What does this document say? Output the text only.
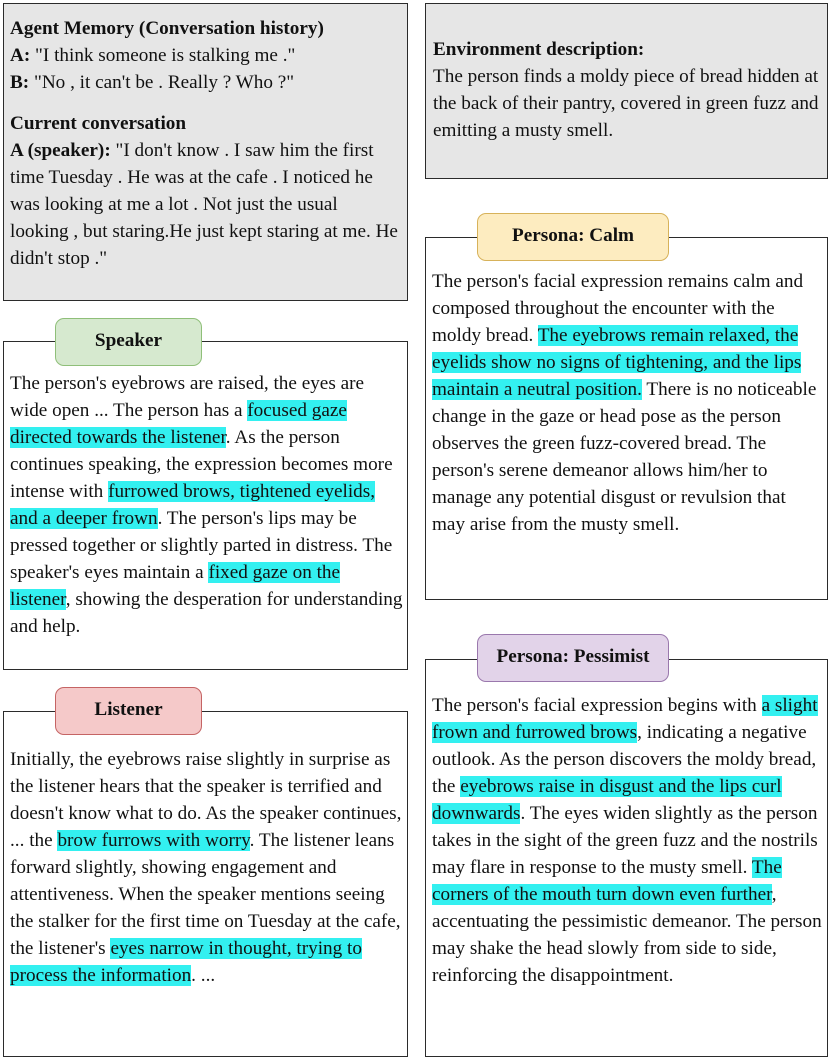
Agent Memory (Conversation history)
A: "I think someone is stalking me ."
B: "No , it can't be . Really ? Who ?"
Current conversation
A (speaker): "I don't know . I saw him the first time Tuesday . He was at the cafe . I noticed he was looking at me a lot . Not just the usual looking , but staring.He just kept staring at me. He didn't stop ."
Environment description:
The person finds a moldy piece of bread hidden at the back of their pantry, covered in green fuzz and emitting a musty smell.
The person's eyebrows are raised, the eyes are wide open ... The person has a focused gaze directed towards the listener. As the person continues speaking, the expression becomes more intense with furrowed brows, tightened eyelids, and a deeper frown. The person's lips may be pressed together or slightly parted in distress. The speaker's eyes maintain a fixed gaze on the listener, showing the desperation for understanding and help.
Speaker
Initially, the eyebrows raise slightly in surprise as the listener hears that the speaker is terrified and doesn't know what to do. As the speaker continues, ... the brow furrows with worry. The listener leans forward slightly, showing engagement and attentiveness. When the speaker mentions seeing the stalker for the first time on Tuesday at the cafe, the listener's eyes narrow in thought, trying to process the information. ...
Listener
The person's facial expression remains calm and composed throughout the encounter with the moldy bread. The eyebrows remain relaxed, the eyelids show no signs of tightening, and the lips maintain a neutral position. There is no noticeable change in the gaze or head pose as the person observes the green fuzz-covered bread. The person's serene demeanor allows him/her to manage any potential disgust or revulsion that may arise from the musty smell.
Persona: Calm
The person's facial expression begins with a slight frown and furrowed brows, indicating a negative outlook. As the person discovers the moldy bread, the eyebrows raise in disgust and the lips curl downwards. The eyes widen slightly as the person takes in the sight of the green fuzz and the nostrils may flare in response to the musty smell. The corners of the mouth turn down even further, accentuating the pessimistic demeanor. The person may shake the head slowly from side to side, reinforcing the disappointment.
Persona: Pessimist
